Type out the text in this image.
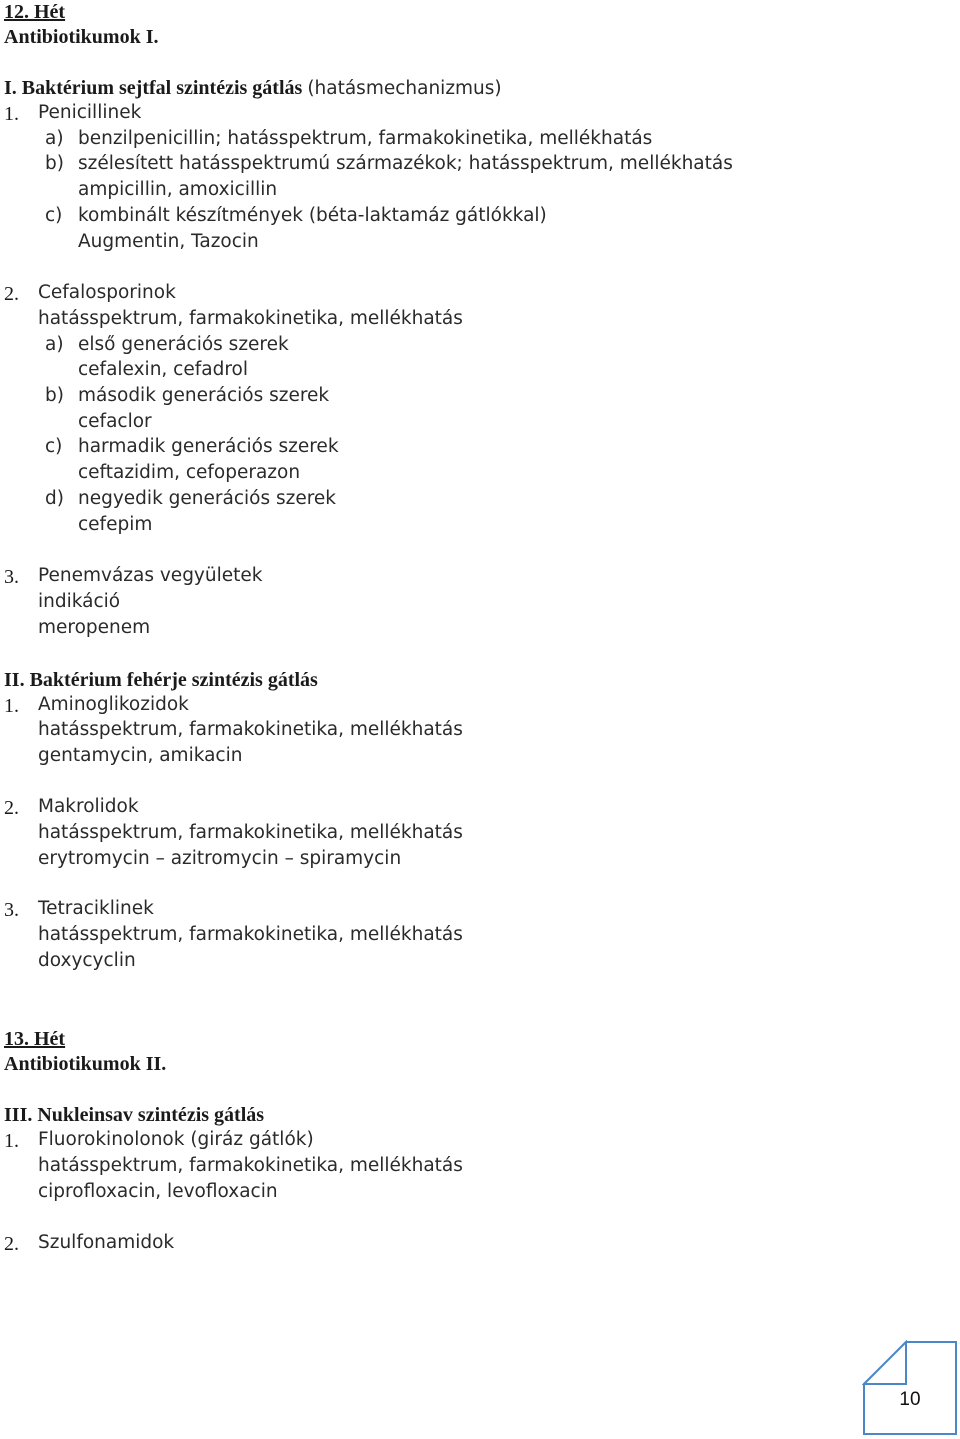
12. Hét
Antibiotikumok I.
I. Baktérium sejtfal szintézis gátlás (hatásmechanizmus)
1. Penicillinek
a) benzilpenicillin; hatásspektrum, farmakokinetika, mellékhatás
b) szélesített hatásspektrumú származékok; hatásspektrum, mellékhatás
ampicillin, amoxicillin
c) kombinált készítmények (béta-laktamáz gátlókkal)
Augmentin, Tazocin
2. Cefalosporinok
hatásspektrum, farmakokinetika, mellékhatás
a) első generációs szerek
cefalexin, cefadrol
b) második generációs szerek
cefaclor
c) harmadik generációs szerek
ceftazidim, cefoperazon
d) negyedik generációs szerek
cefepim
3. Penemvázas vegyületek
indikáció
meropenem
II. Baktérium fehérje szintézis gátlás
1. Aminoglikozidok
hatásspektrum, farmakokinetika, mellékhatás
gentamycin, amikacin
2. Makrolidok
hatásspektrum, farmakokinetika, mellékhatás
erytromycin – azitromycin – spiramycin
3. Tetraciklinek
hatásspektrum, farmakokinetika, mellékhatás
doxycyclin
13. Hét
Antibiotikumok II.
III. Nukleinsav szintézis gátlás
1. Fluorokinolonok (giráz gátlók)
hatásspektrum, farmakokinetika, mellékhatás
ciprofloxacin, levofloxacin
2. Szulfonamidok
10
